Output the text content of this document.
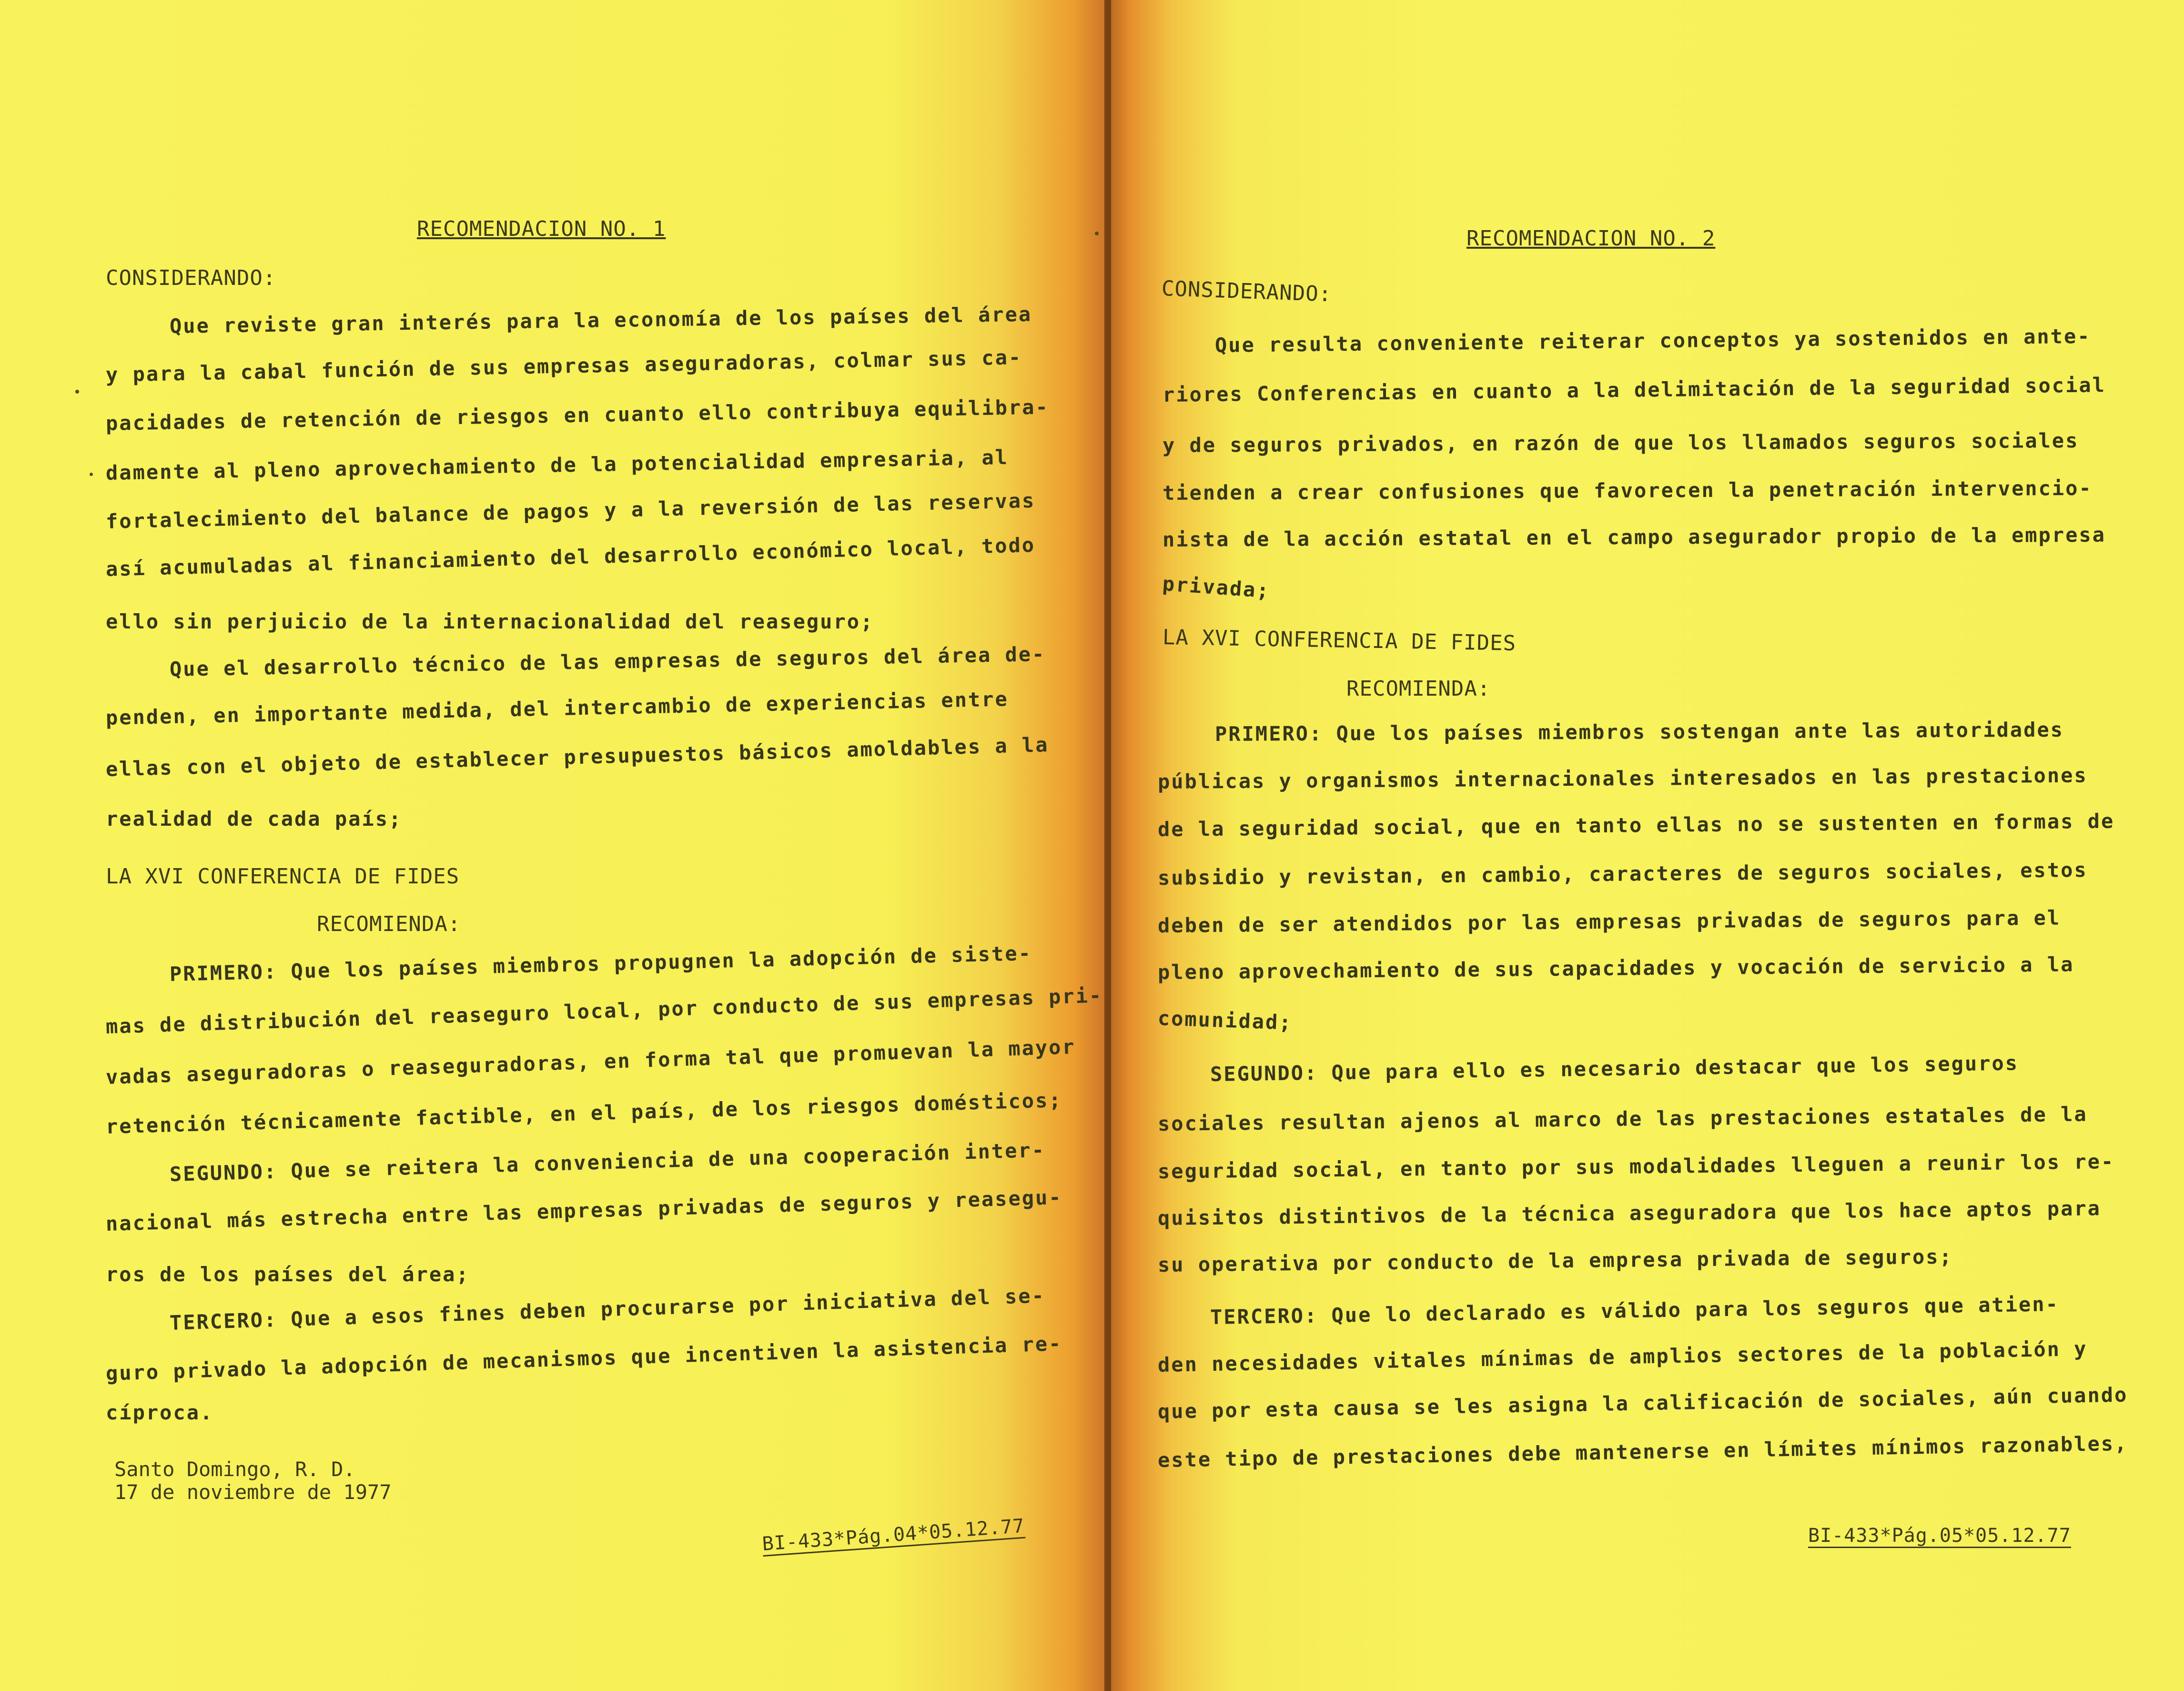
RECOMENDACION NO. 1
CONSIDERANDO:
Que reviste gran interés para la economía de los países del área
y para la cabal función de sus empresas aseguradoras, colmar sus ca-
pacidades de retención de riesgos en cuanto ello contribuya equilibra-
damente al pleno aprovechamiento de la potencialidad empresaria, al
fortalecimiento del balance de pagos y a la reversión de las reservas
así acumuladas al financiamiento del desarrollo económico local, todo
ello sin perjuicio de la internacionalidad del reaseguro;
Que el desarrollo técnico de las empresas de seguros del área de-
penden, en importante medida, del intercambio de experiencias entre
ellas con el objeto de establecer presupuestos básicos amoldables a la
realidad de cada país;
LA XVI CONFERENCIA DE FIDES
RECOMIENDA:
PRIMERO: Que los países miembros propugnen la adopción de siste-
mas de distribución del reaseguro local, por conducto de sus empresas pri-
vadas aseguradoras o reaseguradoras, en forma tal que promuevan la mayor
retención técnicamente factible, en el país, de los riesgos domésticos;
SEGUNDO: Que se reitera la conveniencia de una cooperación inter-
nacional más estrecha entre las empresas privadas de seguros y reasegu-
ros de los países del área;
TERCERO: Que a esos fines deben procurarse por iniciativa del se-
guro privado la adopción de mecanismos que incentiven la asistencia re-
cíproca.
Santo Domingo, R. D.
17 de noviembre de 1977
BI-433*Pág.04*05.12.77
RECOMENDACION NO. 2
CONSIDERANDO:
Que resulta conveniente reiterar conceptos ya sostenidos en ante-
riores Conferencias en cuanto a la delimitación de la seguridad social
y de seguros privados, en razón de que los llamados seguros sociales
tienden a crear confusiones que favorecen la penetración intervencio-
nista de la acción estatal en el campo asegurador propio de la empresa
privada;
LA XVI CONFERENCIA DE FIDES
RECOMIENDA:
PRIMERO: Que los países miembros sostengan ante las autoridades
públicas y organismos internacionales interesados en las prestaciones
de la seguridad social, que en tanto ellas no se sustenten en formas de
subsidio y revistan, en cambio, caracteres de seguros sociales, estos
deben de ser atendidos por las empresas privadas de seguros para el
pleno aprovechamiento de sus capacidades y vocación de servicio a la
comunidad;
SEGUNDO: Que para ello es necesario destacar que los seguros
sociales resultan ajenos al marco de las prestaciones estatales de la
seguridad social, en tanto por sus modalidades lleguen a reunir los re-
quisitos distintivos de la técnica aseguradora que los hace aptos para
su operativa por conducto de la empresa privada de seguros;
TERCERO: Que lo declarado es válido para los seguros que atien-
den necesidades vitales mínimas de amplios sectores de la población y
que por esta causa se les asigna la calificación de sociales, aún cuando
este tipo de prestaciones debe mantenerse en límites mínimos razonables,
BI-433*Pág.05*05.12.77
